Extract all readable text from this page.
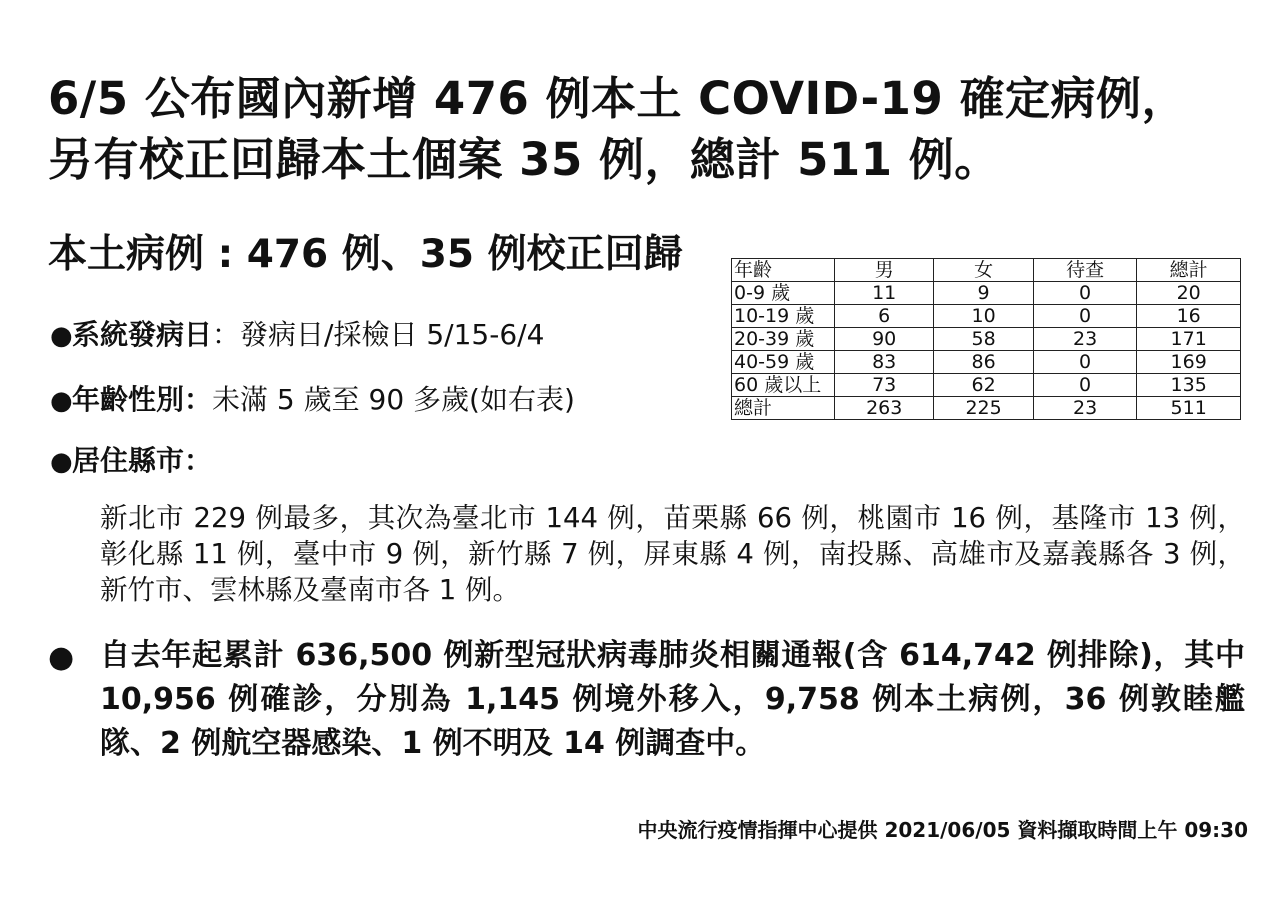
6/5 公布國內新增 476 例本土 COVID-19 確定病例，
另有校正回歸本土個案 35 例，總計 511 例。
本土病例 : 476 例、35 例校正回歸
●系統發病日：發病日/採檢日 5/15-6/4
●年齡性別：未滿 5 歲至 90 多歲(如右表)
●居住縣市：

新北市 229 例最多，其次為臺北市 144 例，苗栗縣 66 例，桃園市 16 例，基隆市 13 例，彰化縣 11 例，臺中市 9 例，新竹縣 7 例，屏東縣 4 例，南投縣、高雄市及嘉義縣各 3 例，新竹市、雲林縣及臺南市各 1 例。

● 自去年起累計 636,500 例新型冠狀病毒肺炎相關通報(含 614,742 例排除)，其中 10,956 例確診，分別為 1,145 例境外移入，9,758 例本土病例，36 例敦睦艦隊、2 例航空器感染、1 例不明及 14 例調查中。

中央流行疫情指揮中心提供 2021/06/05 資料擷取時間上午 09:30
年齡	男	女	待查	總計
0-9 歲	11	9	0	20
10-19 歲	6	10	0	16
20-39 歲	90	58	23	171
40-59 歲	83	86	0	169
60 歲以上	73	62	0	135
總計	263	225	23	511
